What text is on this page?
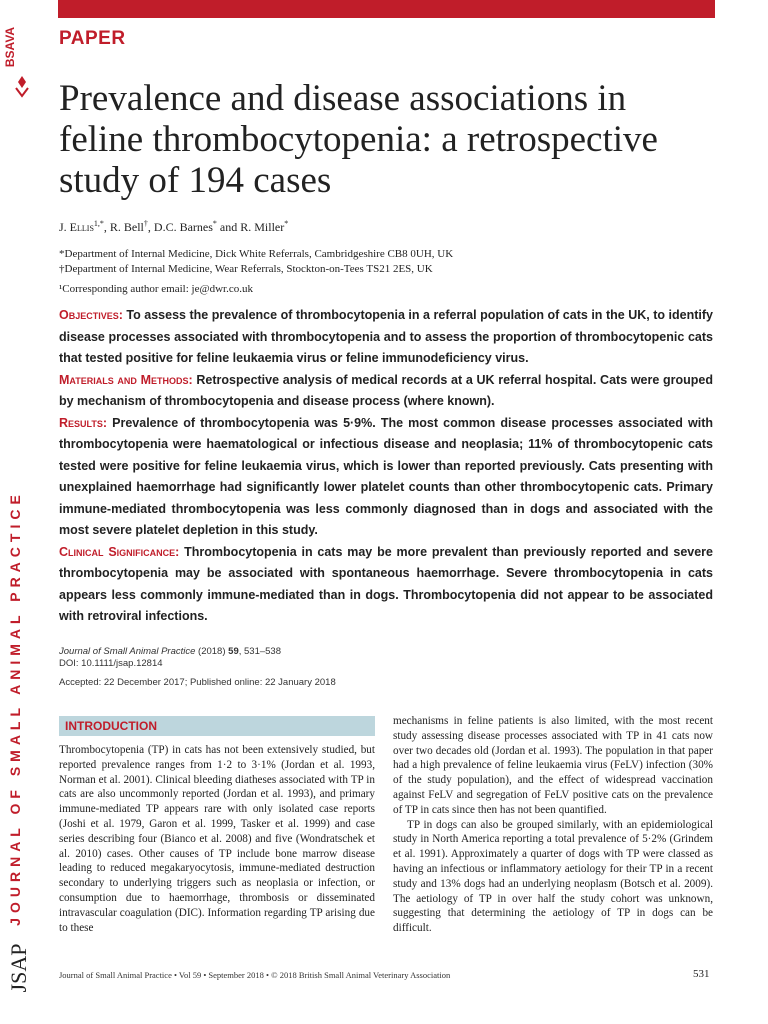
PAPER
BSAVA
JOURNAL OF SMALL ANIMAL PRACTICE
JSAP
Prevalence and disease associations in
feline thrombocytopenia: a retrospective
study of 194 cases
J. Ellis$^{1,*}$, R. Bell†, D.C. Barnes* and R. Miller*
*Department of Internal Medicine, Dick White Referrals, Cambridgeshire CB8 0UH, UK
†Department of Internal Medicine, Wear Referrals, Stockton-on-Tees TS21 2ES, UK
¹Corresponding author email: je@dwr.co.uk

Objectives: To assess the prevalence of thrombocytopenia in a referral population of cats in the UK, to identify disease processes associated with thrombocytopenia and to assess the proportion of thrombocytopenic cats that tested positive for feline leukaemia virus or feline immunodeficiency virus.

Materials and Methods: Retrospective analysis of medical records at a UK referral hospital. Cats were grouped by mechanism of thrombocytopenia and disease process (where known).

Results: Prevalence of thrombocytopenia was 5·9%. The most common disease processes associated with thrombocytopenia were haematological or infectious disease and neoplasia; 11% of thrombocytopenic cats tested were positive for feline leukaemia virus, which is lower than reported previously. Cats presenting with unexplained haemorrhage had significantly lower platelet counts than other thrombocytopenic cats. Primary immune-mediated thrombocytopenia was less commonly diagnosed than in dogs and associated with the most severe platelet depletion in this study.

Clinical Significance: Thrombocytopenia in cats may be more prevalent than previously reported and severe thrombocytopenia may be associated with spontaneous haemorrhage. Severe thrombocytopenia in cats appears less commonly immune-mediated than in dogs. Thrombocytopenia did not appear to be associated with retroviral infections.

Journal of Small Animal Practice (2018) 59, 531–538
DOI: 10.1111/jsap.12814
Accepted: 22 December 2017; Published online: 22 January 2018
INTRODUCTION

Thrombocytopenia (TP) in cats has not been extensively studied, but reported prevalence ranges from 1·2 to 3·1% (Jordan et al. 1993, Norman et al. 2001). Clinical bleeding diatheses associated with TP in cats are also uncommonly reported (Jordan et al. 1993), and primary immune-mediated TP appears rare with only isolated case reports (Joshi et al. 1979, Garon et al. 1999, Tasker et al. 1999) and case series describing four (Bianco et al. 2008) and five (Wondratschek et al. 2010) cases. Other causes of TP include bone marrow disease leading to reduced megakaryocytosis, immune-mediated destruction secondary to underlying triggers such as neoplasia or infection, or consumption due to haemorrhage, thrombosis or disseminated intravascular coagulation (DIC). Information regarding TP arising due to these

mechanisms in feline patients is also limited, with the most recent study assessing disease processes associated with TP in 41 cats now over two decades old (Jordan et al. 1993). The population in that paper had a high prevalence of feline leukaemia virus (FeLV) infection (30% of the study population), and the effect of widespread vaccination against FeLV and segregation of FeLV positive cats on the prevalence of TP in cats since then has not been quantified.

TP in dogs can also be grouped similarly, with an epidemiological study in North America reporting a total prevalence of 5·2% (Grindem et al. 1991). Approximately a quarter of dogs with TP were classed as having an infectious or inflammatory aetiology for their TP in a recent study and 13% dogs had an underlying neoplasm (Botsch et al. 2009). The aetiology of TP in over half the study cohort was unknown, suggesting that determining the aetiology of TP in dogs can be difficult.

Journal of Small Animal Practice • Vol 59 • September 2018 • © 2018 British Small Animal Veterinary Association	531
